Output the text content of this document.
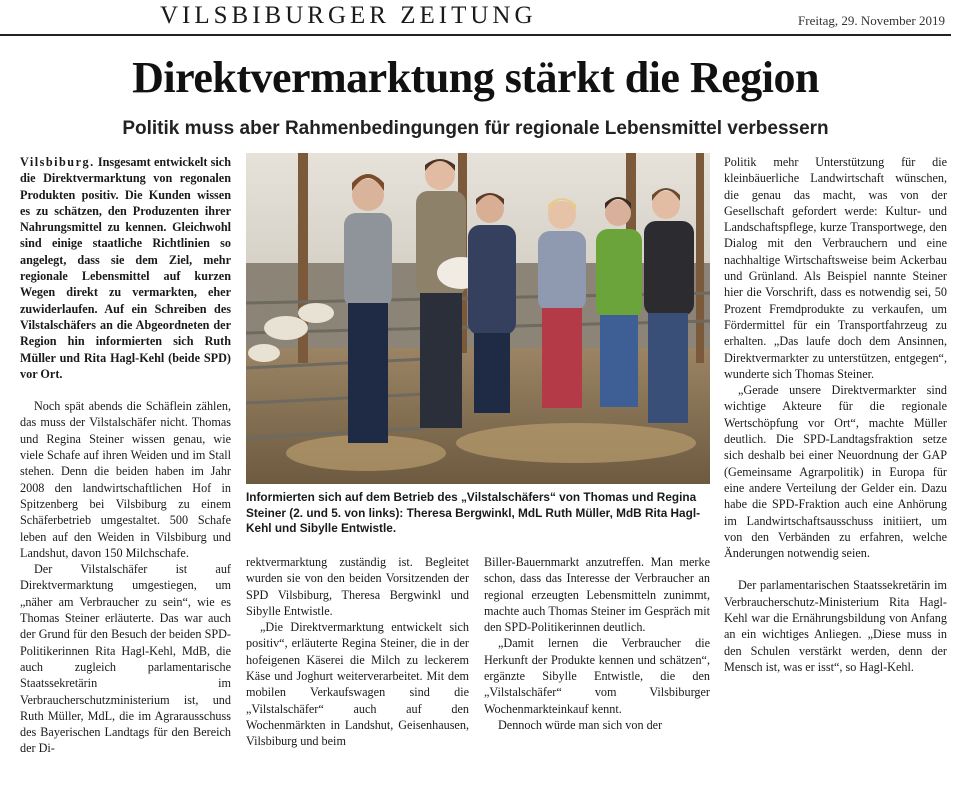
VILSBIBURGER ZEITUNG	Freitag, 29. November 2019
Direktvermarktung stärkt die Region
Politik muss aber Rahmenbedingungen für regionale Lebensmittel verbessern

Vilsbiburg. Insgesamt entwickelt sich die Direktvermarktung von regonalen Produkten positiv. Die Kunden wissen es zu schätzen, den Produzenten ihrer Nahrungsmittel zu kennen. Gleichwohl sind einige staatliche Richtlinien so angelegt, dass sie dem Ziel, mehr regionale Lebensmittel auf kurzen Wegen direkt zu vermarkten, eher zuwiderlaufen. Auf ein Schreiben des Vilstalschäfers an die Abgeordneten der Region hin informierten sich Ruth Müller und Rita Hagl-Kehl (beide SPD) vor Ort.

Noch spät abends die Schäflein zählen, das muss der Vilstalschäfer nicht. Thomas und Regina Steiner wissen genau, wie viele Schafe auf ihren Weiden und im Stall stehen. Denn die beiden haben im Jahr 2008 den landwirtschaftlichen Hof in Spitzenberg bei Vilsbiburg zu einem Schäferbetrieb umgestaltet. 500 Schafe leben auf den Weiden in Vilsbiburg und Landshut, davon 150 Milchschafe.

Der Vilstalschäfer ist auf Direktvermarktung umgestiegen, um „näher am Verbraucher zu sein“, wie es Thomas Steiner erläuterte. Das war auch der Grund für den Besuch der beiden SPD-Politikerinnen Rita Hagl-Kehl, MdB, die auch zugleich parlamentarische Staatssekretärin im Verbraucherschutzministerium ist, und Ruth Müller, MdL, die im Agrarausschuss des Bayerischen Landtags für den Bereich der Di-

Informierten sich auf dem Betrieb des „Vilstalschäfers“ von Thomas und Regina Steiner (2. und 5. von links): Theresa Bergwinkl, MdL Ruth Müller, MdB Rita Hagl-Kehl und Sibylle Entwistle.

rektvermarktung zuständig ist. Begleitet wurden sie von den beiden Vorsitzenden der SPD Vilsbiburg, Theresa Bergwinkl und Sibylle Entwistle.

„Die Direktvermarktung entwickelt sich positiv“, erläuterte Regina Steiner, die in der hofeigenen Käserei die Milch zu leckerem Käse und Joghurt weiterverarbeitet. Mit dem mobilen Verkaufswagen sind die „Vilstalschäfer“ auch auf den Wochenmärkten in Landshut, Geisenhausen, Vilsbiburg und beim

Biller-Bauernmarkt anzutreffen. Man merke schon, dass das Interesse der Verbraucher an regional erzeugten Lebensmitteln zunimmt, machte auch Thomas Steiner im Gespräch mit den SPD-Politikerinnen deutlich.

„Damit lernen die Verbraucher die Herkunft der Produkte kennen und schätzen“, ergänzte Sibylle Entwistle, die den „Vilstalschäfer“ vom Vilsbiburger Wochenmarkteinkauf kennt.

Dennoch würde man sich von der

Politik mehr Unterstützung für die kleinbäuerliche Landwirtschaft wünschen, die genau das macht, was von der Gesellschaft gefordert werde: Kultur- und Landschaftspflege, kurze Transportwege, den Dialog mit den Verbrauchern und eine nachhaltige Wirtschaftsweise beim Ackerbau und Grünland. Als Beispiel nannte Steiner hier die Vorschrift, dass es notwendig sei, 50 Prozent Fremdprodukte zu verkaufen, um Fördermittel für ein Transportfahrzeug zu erhalten. „Das laufe doch dem Ansinnen, Direktvermarkter zu unterstützen, entgegen“, wunderte sich Thomas Steiner.

„Gerade unsere Direktvermarkter sind wichtige Akteure für die regionale Wertschöpfung vor Ort“, machte Müller deutlich. Die SPD-Landtagsfraktion setze sich deshalb bei einer Neuordnung der GAP (Gemeinsame Agrarpolitik) in Europa für eine andere Verteilung der Gelder ein. Dazu habe die SPD-Fraktion auch eine Anhörung im Landwirtschaftsausschuss initiiert, um von den Verbänden zu erfahren, welche Änderungen notwendig seien.

Der parlamentarischen Staatssekretärin im Verbraucherschutz-Ministerium Rita Hagl-Kehl war die Ernährungsbildung von Anfang an ein wichtiges Anliegen. „Diese muss in den Schulen verstärkt werden, denn der Mensch ist, was er isst“, so Hagl-Kehl.
